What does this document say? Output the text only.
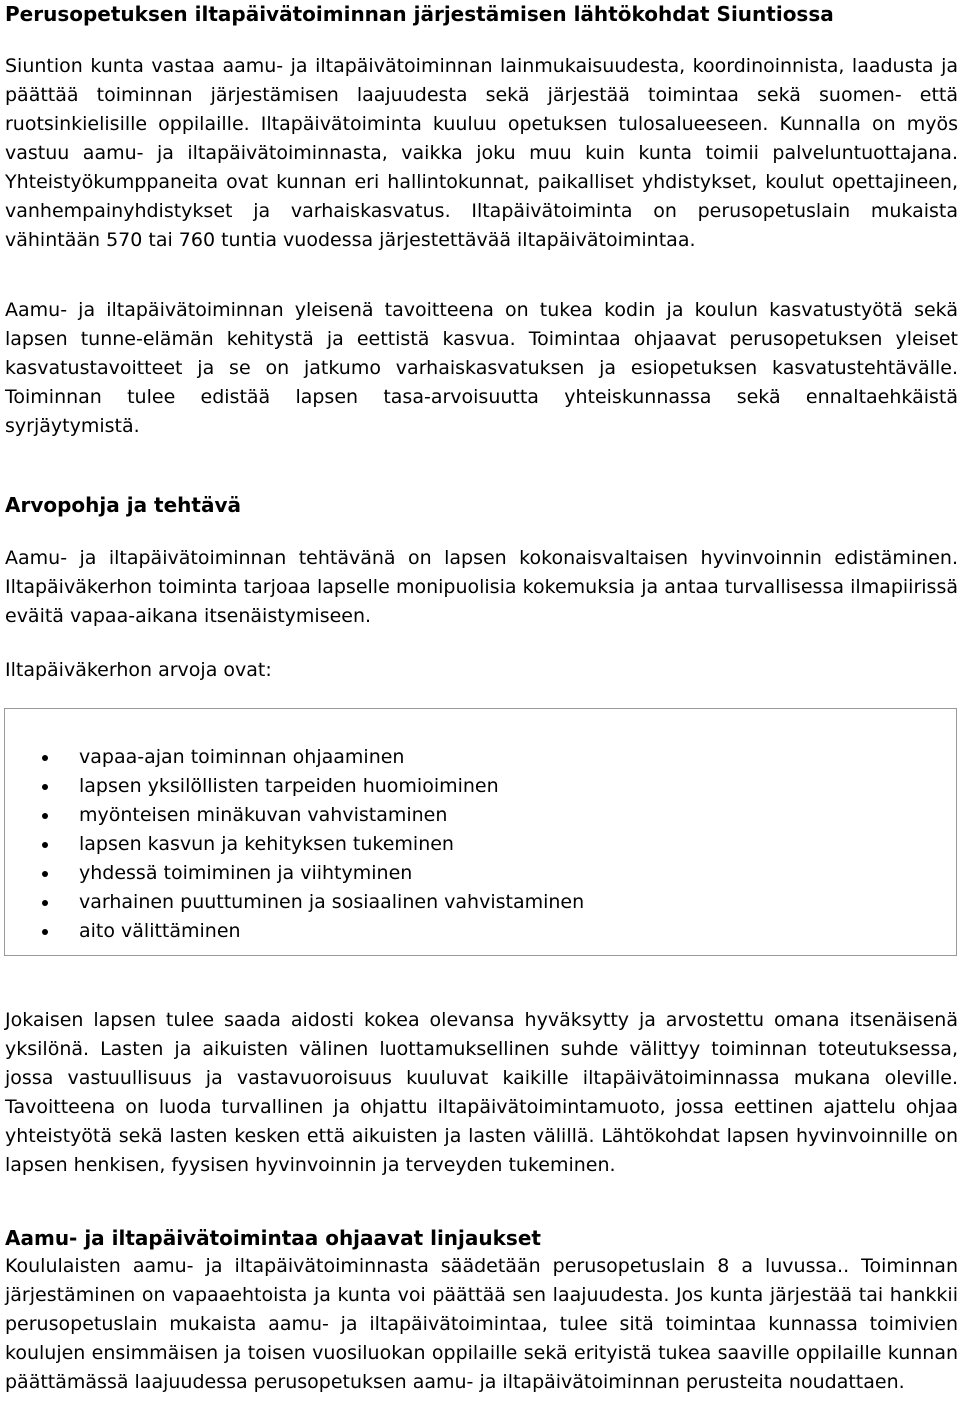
Perusopetuksen iltapäivätoiminnan järjestämisen lähtökohdat Siuntiossa

Siuntion kunta vastaa aamu- ja iltapäivätoiminnan lainmukaisuudesta, koordinoinnista, laadusta ja päättää toiminnan järjestämisen laajuudesta sekä järjestää toimintaa sekä suomen- että ruotsinkielisille oppilaille. Iltapäivätoiminta kuuluu opetuksen tulosalueeseen. Kunnalla on myös vastuu aamu- ja iltapäivätoiminnasta, vaikka joku muu kuin kunta toimii palveluntuottajana. Yhteistyökumppaneita ovat kunnan eri hallintokunnat, paikalliset yhdistykset, koulut opettajineen, vanhempainyhdistykset ja varhaiskasvatus. Iltapäivätoiminta on perusopetuslain mukaista vähintään 570 tai 760 tuntia vuodessa järjestettävää iltapäivätoimintaa.

Aamu- ja iltapäivätoiminnan yleisenä tavoitteena on tukea kodin ja koulun kasvatustyötä sekä lapsen tunne-elämän kehitystä ja eettistä kasvua. Toimintaa ohjaavat perusopetuksen yleiset kasvatustavoitteet ja se on jatkumo varhaiskasvatuksen ja esiopetuksen kasvatustehtävälle. Toiminnan tulee edistää lapsen tasa-arvoisuutta yhteiskunnassa sekä ennaltaehkäistä syrjäytymistä.

Arvopohja ja tehtävä

Aamu- ja iltapäivätoiminnan tehtävänä on lapsen kokonaisvaltaisen hyvinvoinnin edistäminen. Iltapäiväkerhon toiminta tarjoaa lapselle monipuolisia kokemuksia ja antaa turvallisessa ilmapiirissä eväitä vapaa-aikana itsenäistymiseen.

Iltapäiväkerhon arvoja ovat:

Jokaisen lapsen tulee saada aidosti kokea olevansa hyväksytty ja arvostettu omana itsenäisenä yksilönä. Lasten ja aikuisten välinen luottamuksellinen suhde välittyy toiminnan toteutuksessa, jossa vastuullisuus ja vastavuoroisuus kuuluvat kaikille iltapäivätoiminnassa mukana oleville. Tavoitteena on luoda turvallinen ja ohjattu iltapäivätoimintamuoto, jossa eettinen ajattelu ohjaa yhteistyötä sekä lasten kesken että aikuisten ja lasten välillä. Lähtökohdat lapsen hyvinvoinnille on lapsen henkisen, fyysisen hyvinvoinnin ja terveyden tukeminen.

Aamu- ja iltapäivätoimintaa ohjaavat linjaukset

Koululaisten aamu- ja iltapäivätoiminnasta säädetään perusopetuslain 8 a luvussa.. Toiminnan järjestäminen on vapaaehtoista ja kunta voi päättää sen laajuudesta. Jos kunta järjestää tai hankkii perusopetuslain mukaista aamu- ja iltapäivätoimintaa, tulee sitä toimintaa kunnassa toimivien koulujen ensimmäisen ja toisen vuosiluokan oppilaille sekä erityistä tukea saaville oppilaille kunnan päättämässä laajuudessa perusopetuksen aamu- ja iltapäivätoiminnan perusteita noudattaen.

vapaa-ajan toiminnan ohjaaminen
lapsen yksilöllisten tarpeiden huomioiminen
myönteisen minäkuvan vahvistaminen
lapsen kasvun ja kehityksen tukeminen
yhdessä toimiminen ja viihtyminen
varhainen puuttuminen ja sosiaalinen vahvistaminen
aito välittäminen
